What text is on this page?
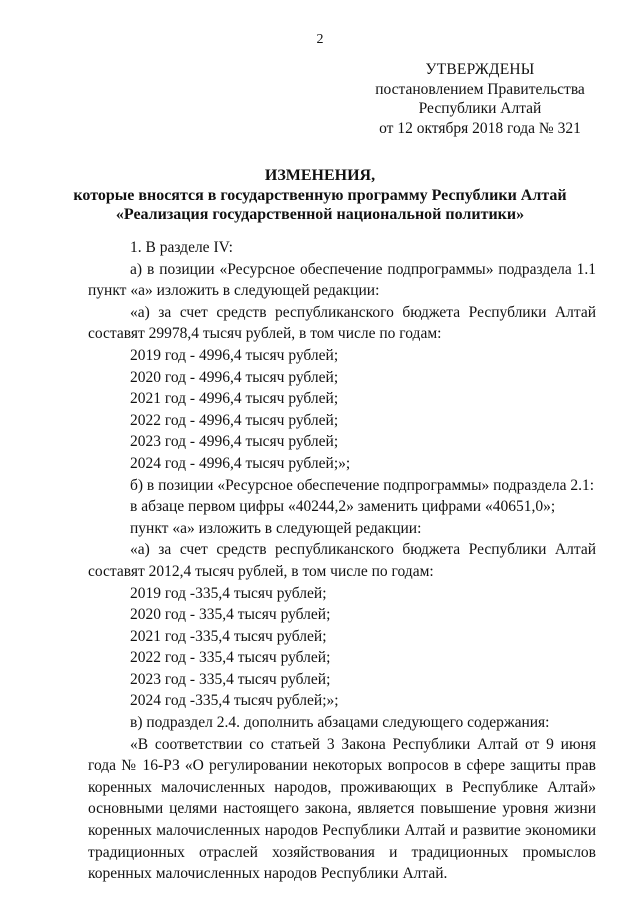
2
УТВЕРЖДЕНЫ
постановлением Правительства
Республики Алтай
от 12 октября 2018 года № 321
ИЗМЕНЕНИЯ,
которые вносятся в государственную программу Республики Алтай
«Реализация государственной национальной политики»
1. В разделе IV:
а) в позиции «Ресурсное обеспечение подпрограммы» подраздела 1.1
пункт «а» изложить в следующей редакции:
«а) за счет средств республиканского бюджета Республики Алтай
составят 29978,4 тысяч рублей, в том числе по годам:
2019 год - 4996,4 тысяч рублей;
2020 год - 4996,4 тысяч рублей;
2021 год - 4996,4 тысяч рублей;
2022 год - 4996,4 тысяч рублей;
2023 год - 4996,4 тысяч рублей;
2024 год - 4996,4 тысяч рублей;»;
б) в позиции «Ресурсное обеспечение подпрограммы» подраздела 2.1:
в абзаце первом цифры «40244,2» заменить цифрами «40651,0»;
пункт «а» изложить в следующей редакции:
«а) за счет средств республиканского бюджета Республики Алтай
составят 2012,4 тысяч рублей, в том числе по годам:
2019 год -335,4 тысяч рублей;
2020 год - 335,4 тысяч рублей;
2021 год -335,4 тысяч рублей;
2022 год - 335,4 тысяч рублей;
2023 год - 335,4 тысяч рублей;
2024 год -335,4 тысяч рублей;»;
в) подраздел 2.4. дополнить абзацами следующего содержания:
«В соответствии со статьей 3 Закона Республики Алтай от 9 июня
года № 16-РЗ «О регулировании некоторых вопросов в сфере защиты прав
коренных малочисленных народов, проживающих в Республике Алтай»
основными целями настоящего закона, является повышение уровня жизни
коренных малочисленных народов Республики Алтай и развитие экономики
традиционных отраслей хозяйствования и традиционных промыслов
коренных малочисленных народов Республики Алтай.
